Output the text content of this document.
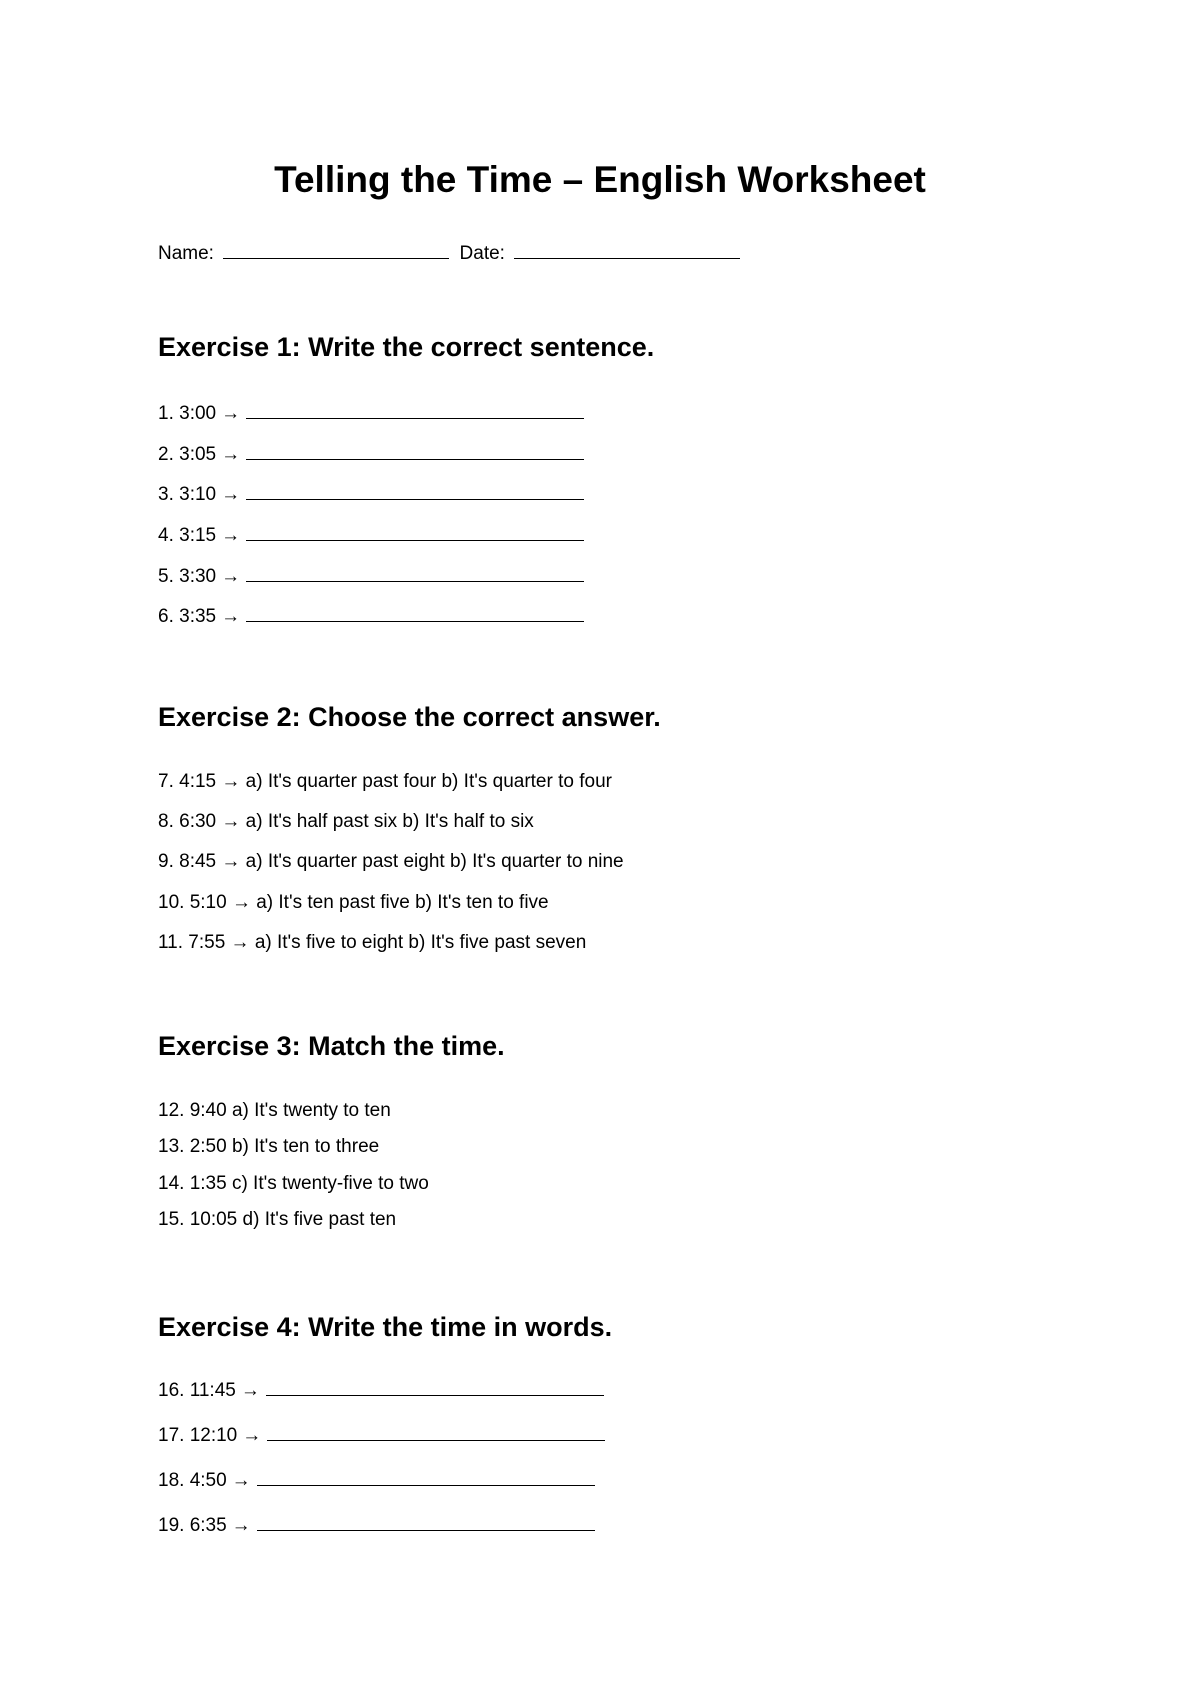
Telling the Time – English Worksheet
Name:	Date:
Exercise 1: Write the correct sentence.
1. 3:00 →
2. 3:05 →
3. 3:10 →
4. 3:15 →
5. 3:30 →
6. 3:35 →
Exercise 2: Choose the correct answer.
7. 4:15 → a) It's quarter past four b) It's quarter to four
8. 6:30 → a) It's half past six b) It's half to six
9. 8:45 → a) It's quarter past eight b) It's quarter to nine
10. 5:10 → a) It's ten past five b) It's ten to five
11. 7:55 → a) It's five to eight b) It's five past seven
Exercise 3: Match the time.
12. 9:40 a) It's twenty to ten
13. 2:50 b) It's ten to three
14. 1:35 c) It's twenty-five to two
15. 10:05 d) It's five past ten
Exercise 4: Write the time in words.
16. 11:45 →
17. 12:10 →
18. 4:50 →
19. 6:35 →
